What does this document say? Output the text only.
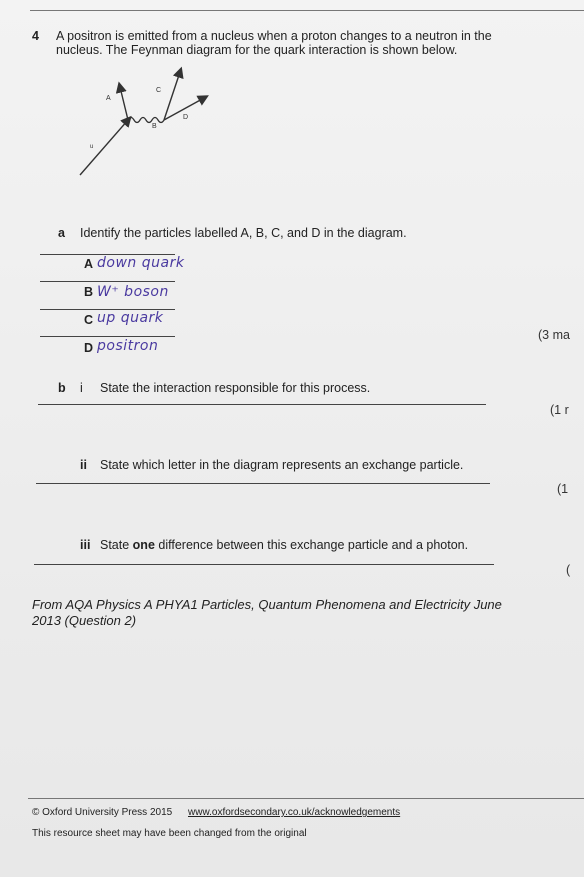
4 A positron is emitted from a nucleus when a proton changes to a neutron in the
nucleus. The Feynman diagram for the quark interaction is shown below.
A
C
D
B
u
a Identify the particles labelled A, B, C, and D in the diagram.
A down quark
B W⁺ boson
C up quark
D positron
(3 ma
b i State the interaction responsible for this process.
(1 r
ii State which letter in the diagram represents an exchange particle.
(1
iii State one difference between this exchange particle and a photon.
(
From AQA Physics A PHYA1 Particles, Quantum Phenomena and Electricity June
2013 (Question 2)
© Oxford University Press 2015 www.oxfordsecondary.co.uk/acknowledgements
This resource sheet may have been changed from the original
